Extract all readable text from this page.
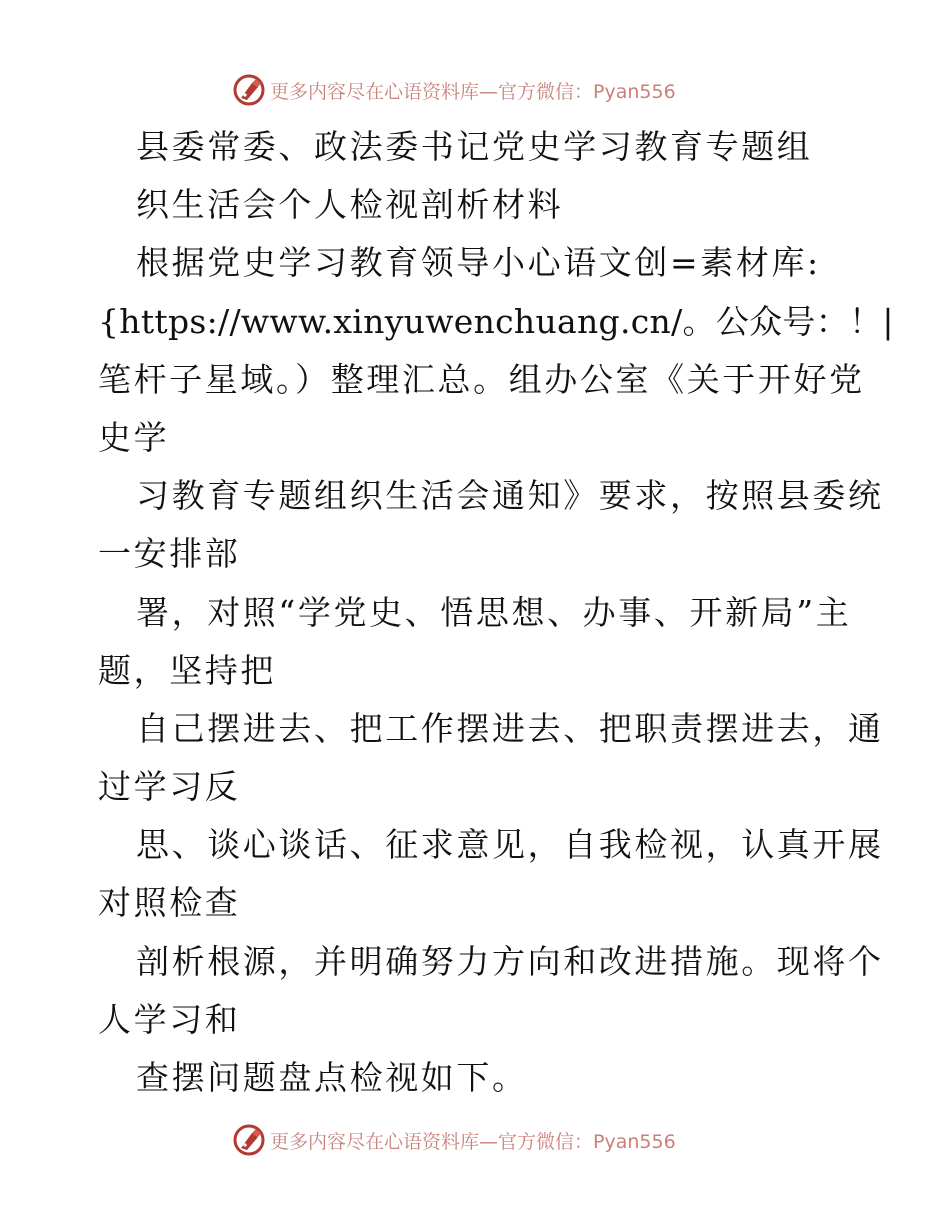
更多内容尽在心语资料库—官方微信：Pyan556
县委常委、政法委书记党史学习教育专题组
织生活会个人检视剖析材料
根据党史学习教育领导小心语文创=素材库:
{https://www.xinyuwenchuang.cn/。公众号：！|
笔杆子星域。）整理汇总。组办公室《关于开好党
史学
习教育专题组织生活会通知》要求，按照县委统
一安排部
署，对照“学党史、悟思想、办事、开新局”主
题，坚持把
自己摆进去、把工作摆进去、把职责摆进去，通
过学习反
思、谈心谈话、征求意见，自我检视，认真开展
对照检查
剖析根源，并明确努力方向和改进措施。现将个
人学习和
查摆问题盘点检视如下。
更多内容尽在心语资料库—官方微信：Pyan556
